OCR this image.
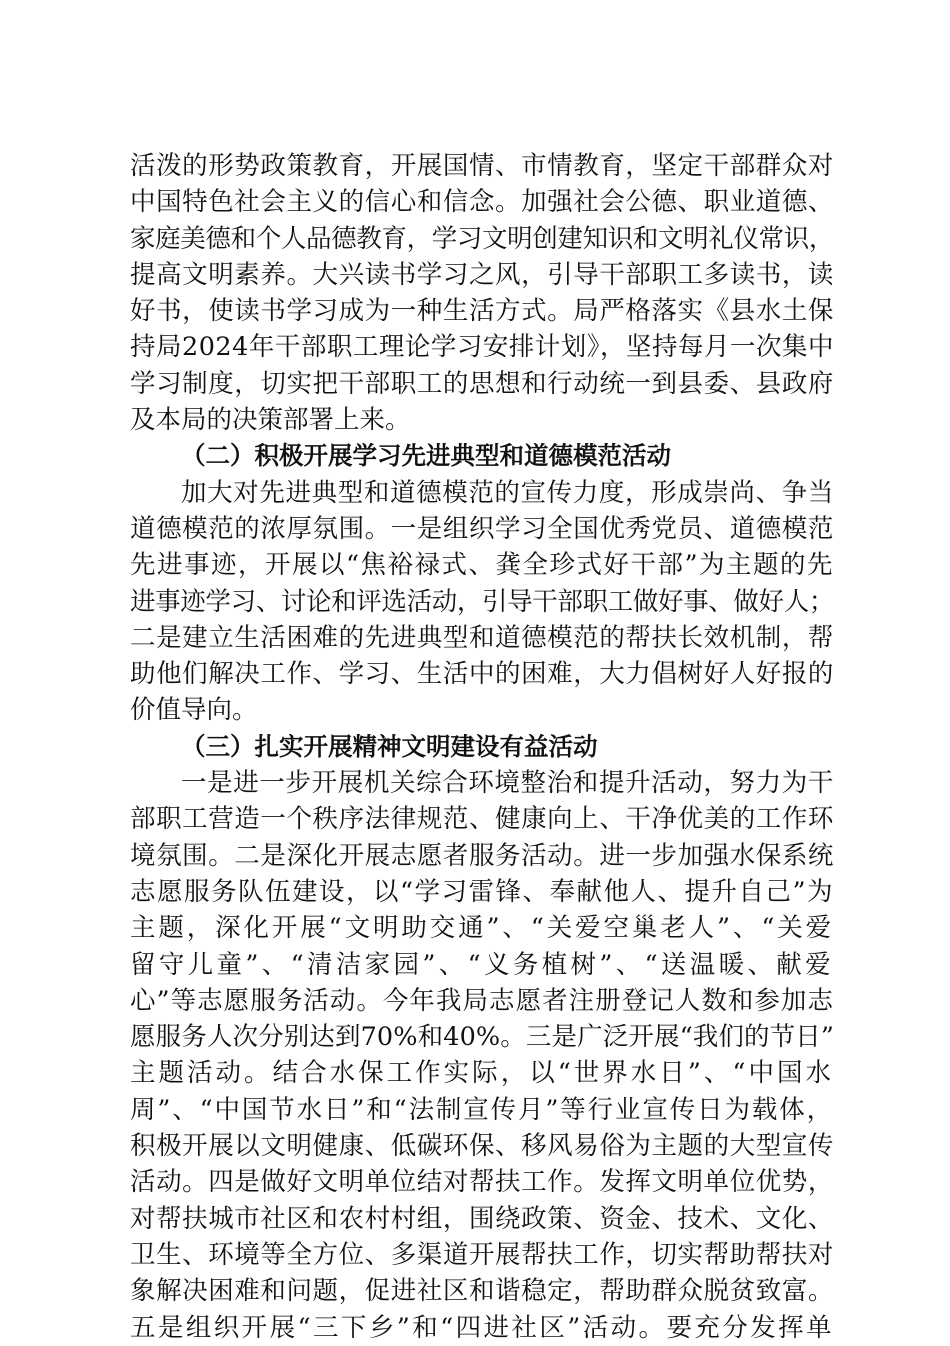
活泼的形势政策教育，开展国情、市情教育，坚定干部群众对
中国特色社会主义的信心和信念。加强社会公德、职业道德、
家庭美德和个人品德教育，学习文明创建知识和文明礼仪常识，
提高文明素养。大兴读书学习之风，引导干部职工多读书，读
好书，使读书学习成为一种生活方式。局严格落实《县水土保
持局2024年干部职工理论学习安排计划》，坚持每月一次集中
学习制度，切实把干部职工的思想和行动统一到县委、县政府
及本局的决策部署上来。
（二）积极开展学习先进典型和道德模范活动
加大对先进典型和道德模范的宣传力度，形成崇尚、争当
道德模范的浓厚氛围。一是组织学习全国优秀党员、道德模范
先进事迹，开展以“焦裕禄式、龚全珍式好干部”为主题的先
进事迹学习、讨论和评选活动，引导干部职工做好事、做好人；
二是建立生活困难的先进典型和道德模范的帮扶长效机制，帮
助他们解决工作、学习、生活中的困难，大力倡树好人好报的
价值导向。
（三）扎实开展精神文明建设有益活动
一是进一步开展机关综合环境整治和提升活动，努力为干
部职工营造一个秩序法律规范、健康向上、干净优美的工作环
境氛围。二是深化开展志愿者服务活动。进一步加强水保系统
志愿服务队伍建设，以“学习雷锋、奉献他人、提升自己”为
主题，深化开展“文明助交通”、“关爱空巢老人”、“关爱
留守儿童”、“清洁家园”、“义务植树”、“送温暖、献爱
心”等志愿服务活动。今年我局志愿者注册登记人数和参加志
愿服务人次分别达到70%和40%。三是广泛开展“我们的节日”
主题活动。结合水保工作实际，以“世界水日”、“中国水
周”、“中国节水日”和“法制宣传月”等行业宣传日为载体，
积极开展以文明健康、低碳环保、移风易俗为主题的大型宣传
活动。四是做好文明单位结对帮扶工作。发挥文明单位优势，
对帮扶城市社区和农村村组，围绕政策、资金、技术、文化、
卫生、环境等全方位、多渠道开展帮扶工作，切实帮助帮扶对
象解决困难和问题，促进社区和谐稳定，帮助群众脱贫致富。
五是组织开展“三下乡”和“四进社区”活动。要充分发挥单
